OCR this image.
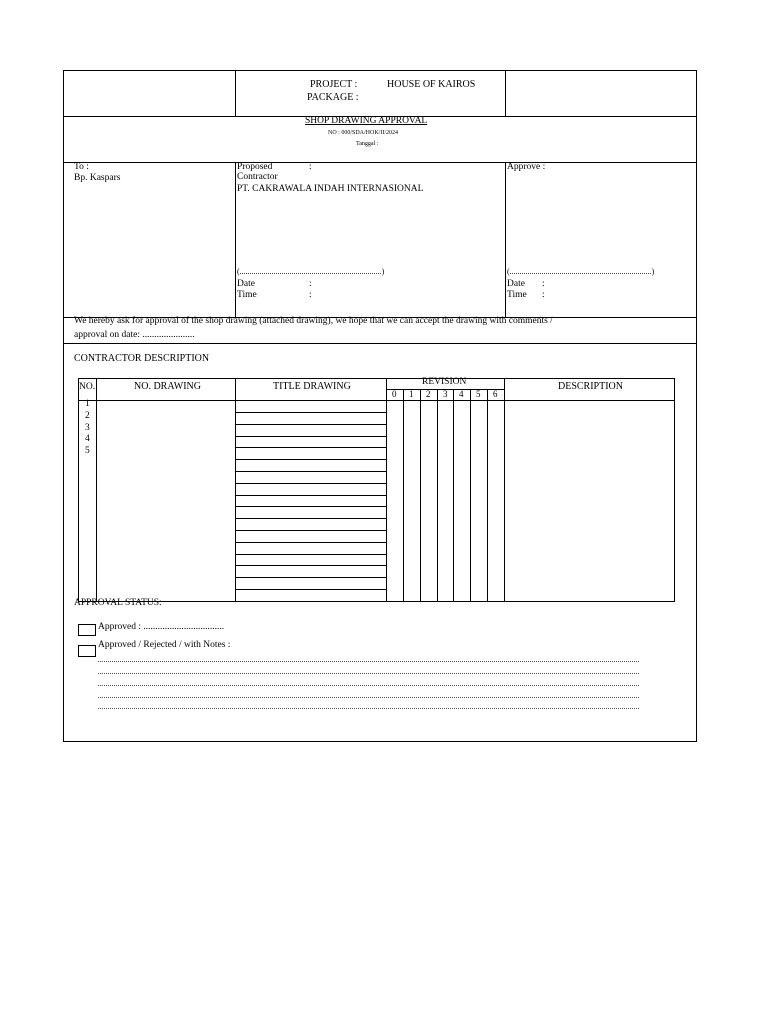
PROJECT :	HOUSE OF KAIROS
PACKAGE :
SHOP DRAWING APPROVAL
NO : 000/SDA/HOK/II/2024
Tanggal :
To :
Bp. Kaspars
Proposed	:
Contractor
PT. CAKRAWALA INDAH INTERNASIONAL
(.......................................................................)
Date	:
Time	:
Approve :
(.......................................................................)
Date :
Time :
We hereby ask for approval of the shop drawing (attached drawing), we hope that we can accept the drawing with comments /
approval on date: ......................
CONTRACTOR DESCRIPTION
NO.	NO. DRAWING	TITLE DRAWING	REVISION	DESCRIPTION
0 1 2 3 4 5 6
1
2
3
4
5
APPROVAL STATUS:
Approved : ..................................
Approved / Rejected / with Notes :
